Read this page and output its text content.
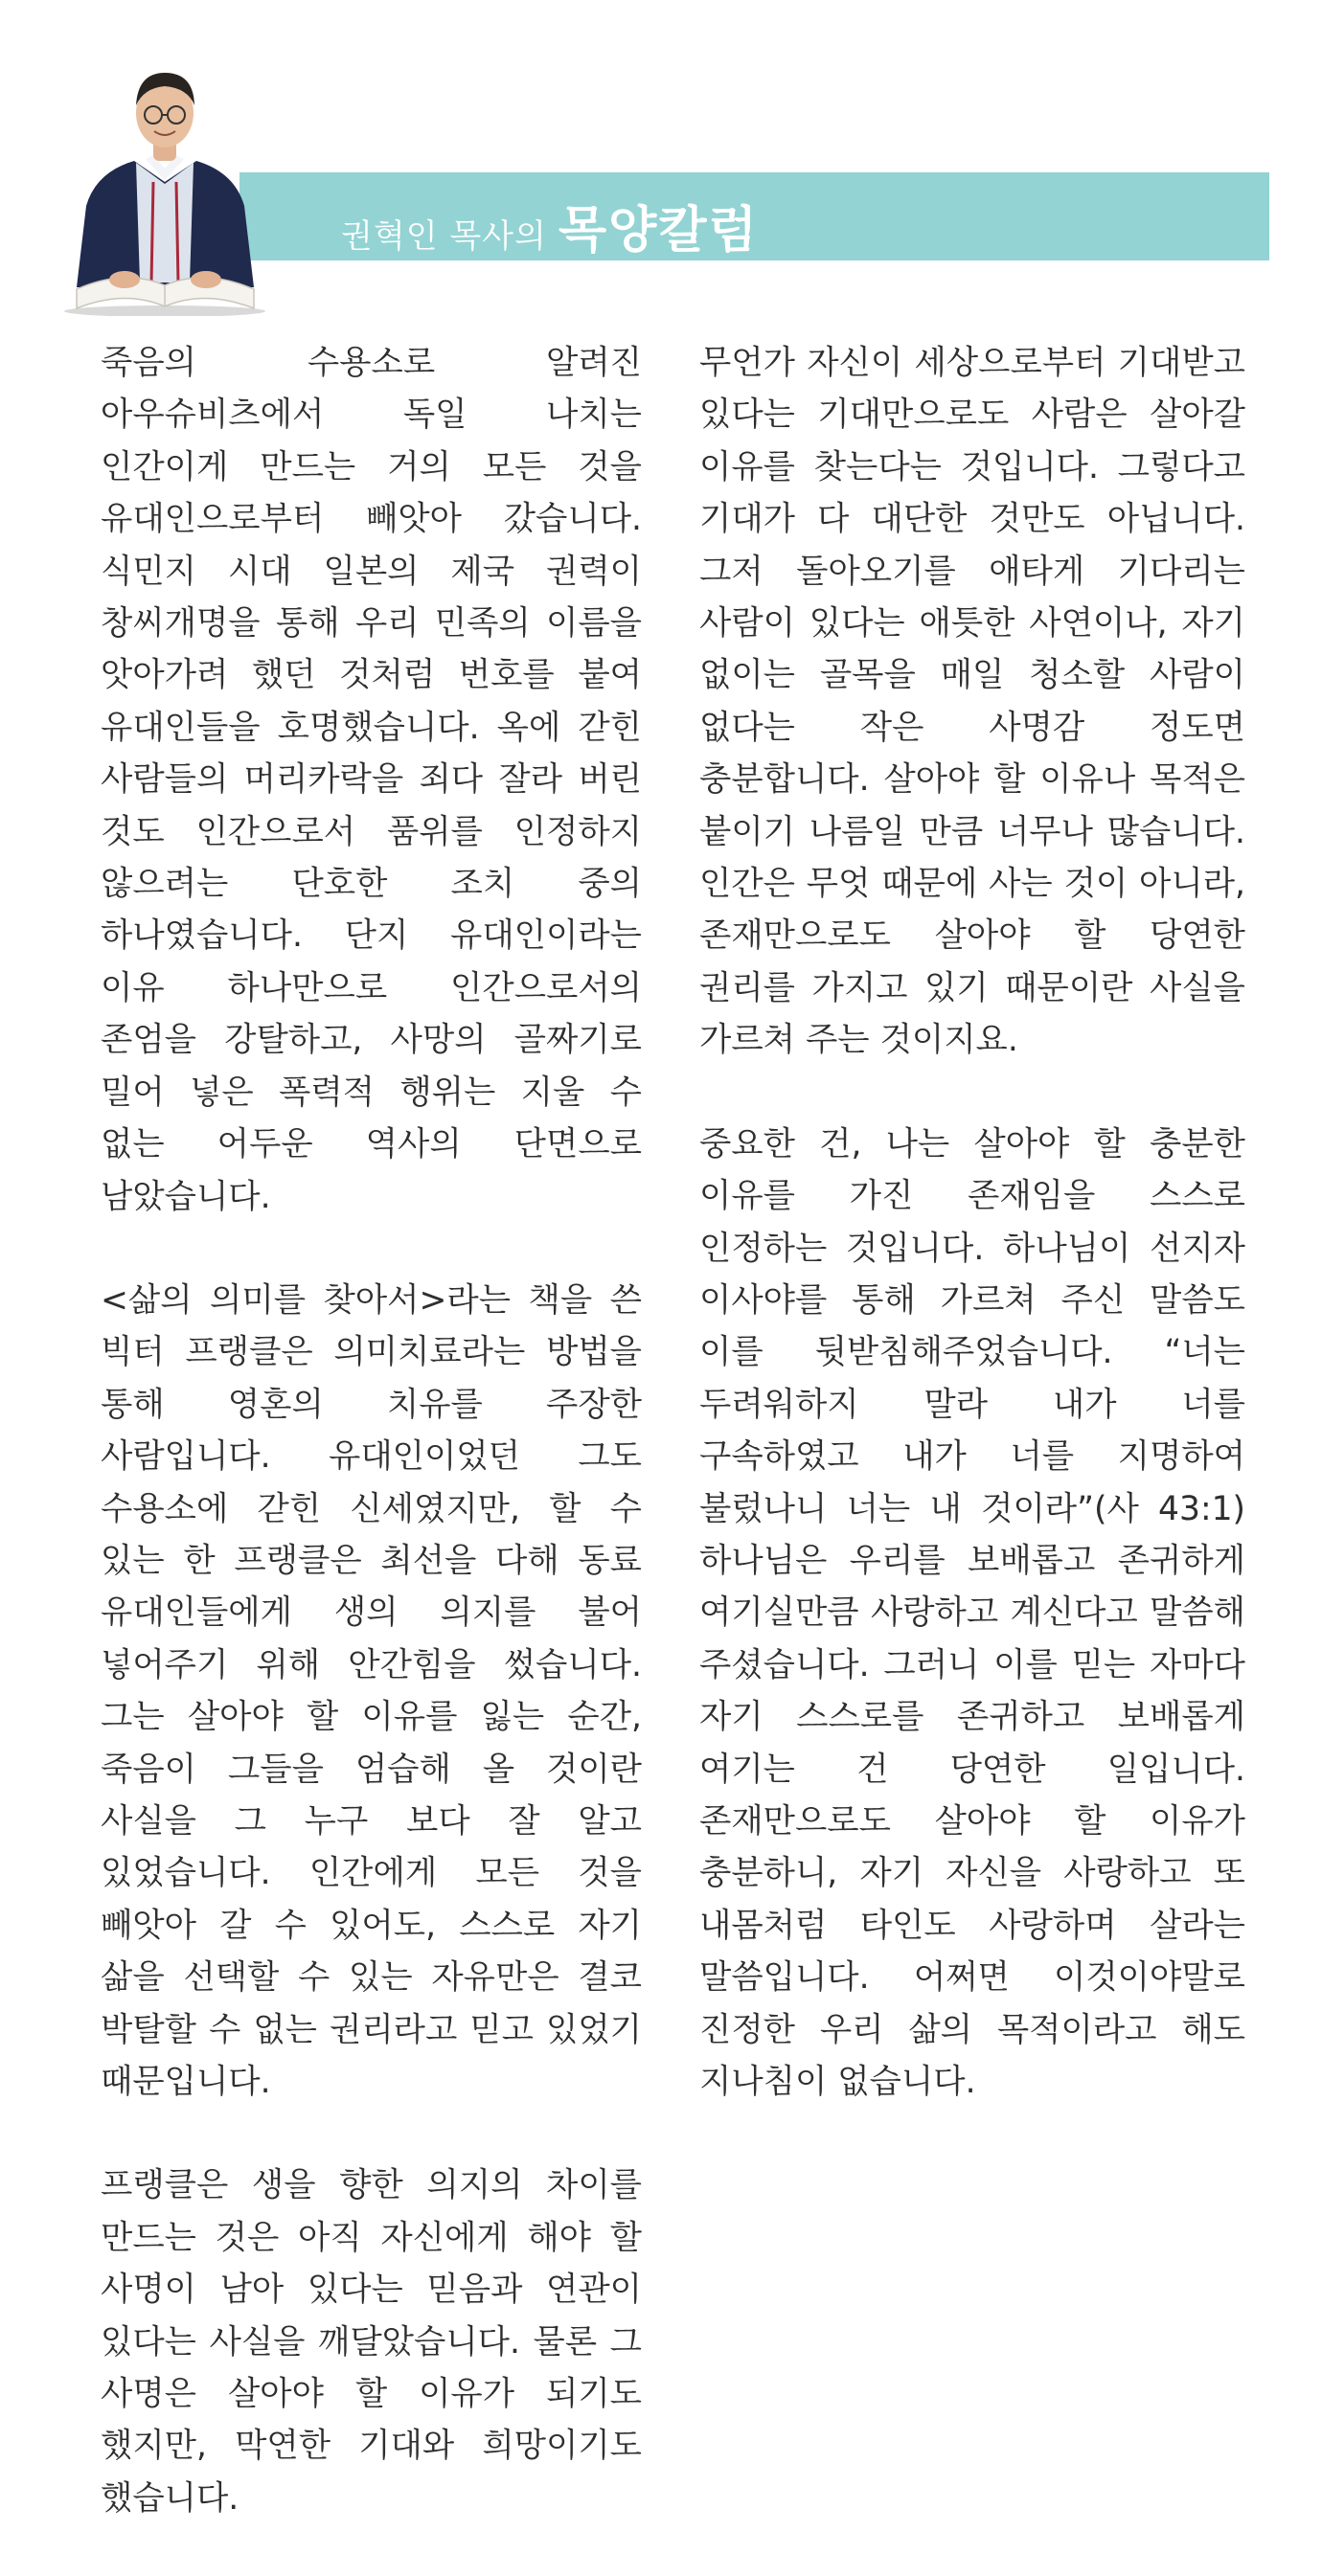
권혁인 목사의 목양칼럼

죽음의 수용소로 알려진 아우슈비츠에서 독일 나치는 인간이게 만드는 거의 모든 것을 유대인으로부터 빼앗아 갔습니다. 식민지 시대 일본의 제국 권력이 창씨개명을 통해 우리 민족의 이름을 앗아가려 했던 것처럼 번호를 붙여 유대인들을 호명했습니다. 옥에 갇힌 사람들의 머리카락을 죄다 잘라 버린 것도 인간으로서 품위를 인정하지 않으려는 단호한 조치 중의 하나였습니다. 단지 유대인이라는 이유 하나만으로 인간으로서의 존엄을 강탈하고, 사망의 골짜기로 밀어 넣은 폭력적 행위는 지울 수 없는 어두운 역사의 단면으로 남았습니다.

<삶의 의미를 찾아서>라는 책을 쓴 빅터 프랭클은 의미치료라는 방법을 통해 영혼의 치유를 주장한 사람입니다. 유대인이었던 그도 수용소에 갇힌 신세였지만, 할 수 있는 한 프랭클은 최선을 다해 동료 유대인들에게 생의 의지를 불어 넣어주기 위해 안간힘을 썼습니다. 그는 살아야 할 이유를 잃는 순간, 죽음이 그들을 엄습해 올 것이란 사실을 그 누구 보다 잘 알고 있었습니다. 인간에게 모든 것을 빼앗아 갈 수 있어도, 스스로 자기 삶을 선택할 수 있는 자유만은 결코 박탈할 수 없는 권리라고 믿고 있었기 때문입니다.

프랭클은 생을 향한 의지의 차이를 만드는 것은 아직 자신에게 해야 할 사명이 남아 있다는 믿음과 연관이 있다는 사실을 깨달았습니다. 물론 그 사명은 살아야 할 이유가 되기도 했지만, 막연한 기대와 희망이기도 했습니다.

무언가 자신이 세상으로부터 기대받고 있다는 기대만으로도 사람은 살아갈 이유를 찾는다는 것입니다. 그렇다고 기대가 다 대단한 것만도 아닙니다. 그저 돌아오기를 애타게 기다리는 사람이 있다는 애틋한 사연이나, 자기 없이는 골목을 매일 청소할 사람이 없다는 작은 사명감 정도면 충분합니다. 살아야 할 이유나 목적은 붙이기 나름일 만큼 너무나 많습니다. 인간은 무엇 때문에 사는 것이 아니라, 존재만으로도 살아야 할 당연한 권리를 가지고 있기 때문이란 사실을 가르쳐 주는 것이지요.

중요한 건, 나는 살아야 할 충분한 이유를 가진 존재임을 스스로 인정하는 것입니다. 하나님이 선지자 이사야를 통해 가르쳐 주신 말씀도 이를 뒷받침해주었습니다. “너는 두려워하지 말라 내가 너를 구속하였고 내가 너를 지명하여 불렀나니 너는 내 것이라”(사 43:1) 하나님은 우리를 보배롭고 존귀하게 여기실만큼 사랑하고 계신다고 말씀해 주셨습니다. 그러니 이를 믿는 자마다 자기 스스로를 존귀하고 보배롭게 여기는 건 당연한 일입니다. 존재만으로도 살아야 할 이유가 충분하니, 자기 자신을 사랑하고 또 내몸처럼 타인도 사랑하며 살라는 말씀입니다. 어쩌면 이것이야말로 진정한 우리 삶의 목적이라고 해도 지나침이 없습니다.
